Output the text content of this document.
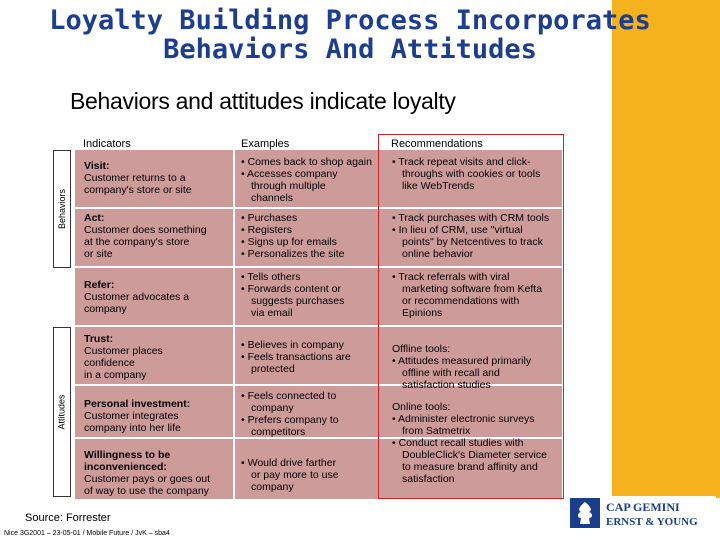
Loyalty Building Process Incorporates
Behaviors And Attitudes
Behaviors and attitudes indicate loyalty
Indicators	Examples	Recommendations
Behaviors
Attitudes
Visit:
Customer returns to a
company's store or site
Act:
Customer does something
at the company's store
or site
Refer:
Customer advocates a
company
Trust:
Customer places
confidence
in a company
Personal investment:
Customer integrates
company into her life
Willingness to be
inconvenienced:
Customer pays or goes out
of way to use the company
• Comes back to shop again
• Accesses company
through multiple
channels
• Purchases
• Registers
• Signs up for emails
• Personalizes the site
• Tells others
• Forwards content or
suggests purchases
via email
• Believes in company
• Feels transactions are
protected
• Feels connected to
company
• Prefers company to
competitors
• Would drive farther
or pay more to use
company
• Track repeat visits and click-
throughs with cookies or tools
like WebTrends
• Track purchases with CRM tools
• In lieu of CRM, use "virtual
points" by Netcentives to track
online behavior
• Track referrals with viral
marketing software from Kefta
or recommendations with
Epinions
Offline tools:
• Attitudes measured primarily
offline with recall and
satisfaction studies
Online tools:
• Administer electronic surveys
from Satmetrix
• Conduct recall studies with
DoubleClick's Diameter service
to measure brand affinity and
satisfaction
Source: Forrester
Nice 3G2001 – 23-05-01 / Mobile Future / JvK – sba4
CAP GEMINI
ERNST & YOUNG
